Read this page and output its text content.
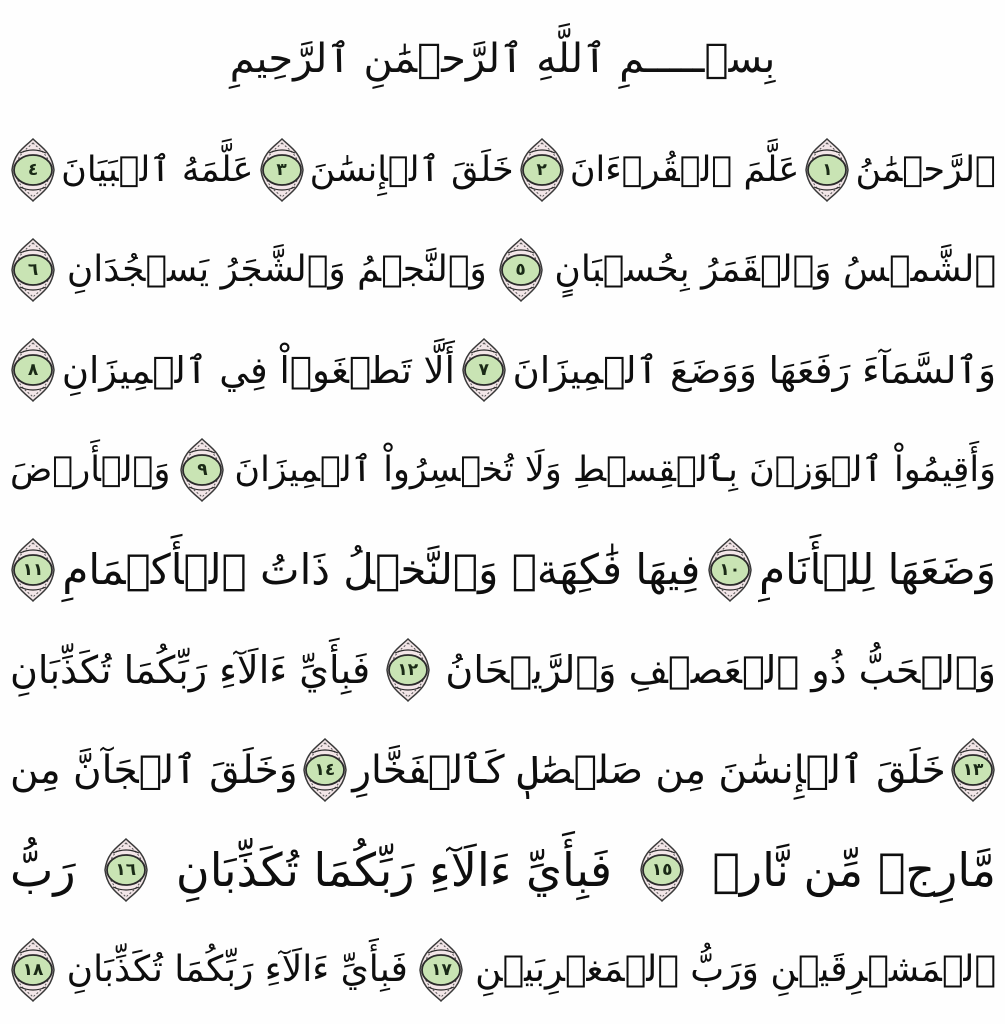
بِسۡـــــمِ ٱللَّهِ ٱلرَّحۡمَٰنِ ٱلرَّحِيمِ
ٱلرَّحۡمَٰنُ
١
عَلَّمَ ٱلۡقُرۡءَانَ
٢
خَلَقَ ٱلۡإِنسَٰنَ
٣
عَلَّمَهُ ٱلۡبَيَانَ
٤
ٱلشَّمۡسُ وَٱلۡقَمَرُ بِحُسۡبَانٍ
٥
وَٱلنَّجۡمُ وَٱلشَّجَرُ يَسۡجُدَانِ
٦
وَٱلسَّمَآءَ رَفَعَهَا وَوَضَعَ ٱلۡمِيزَانَ
٧
أَلَّا تَطۡغَوۡاْ فِي ٱلۡمِيزَانِ
٨
وَأَقِيمُواْ ٱلۡوَزۡنَ بِٱلۡقِسۡطِ وَلَا تُخۡسِرُواْ ٱلۡمِيزَانَ
٩
وَٱلۡأَرۡضَ
وَضَعَهَا لِلۡأَنَامِ
١٠
فِيهَا فَٰكِهَةٞ وَٱلنَّخۡلُ ذَاتُ ٱلۡأَكۡمَامِ
١١
وَٱلۡحَبُّ ذُو ٱلۡعَصۡفِ وَٱلرَّيۡحَانُ
١٢
فَبِأَيِّ ءَالَآءِ رَبِّكُمَا تُكَذِّبَانِ
١٣
خَلَقَ ٱلۡإِنسَٰنَ مِن صَلۡصَٰلٖ كَٱلۡفَخَّارِ
١٤
وَخَلَقَ ٱلۡجَآنَّ مِن
مَّارِجٖ مِّن نَّارٖ
١٥
فَبِأَيِّ ءَالَآءِ رَبِّكُمَا تُكَذِّبَانِ
١٦
رَبُّ
ٱلۡمَشۡرِقَيۡنِ وَرَبُّ ٱلۡمَغۡرِبَيۡنِ
١٧
فَبِأَيِّ ءَالَآءِ رَبِّكُمَا تُكَذِّبَانِ
١٨
